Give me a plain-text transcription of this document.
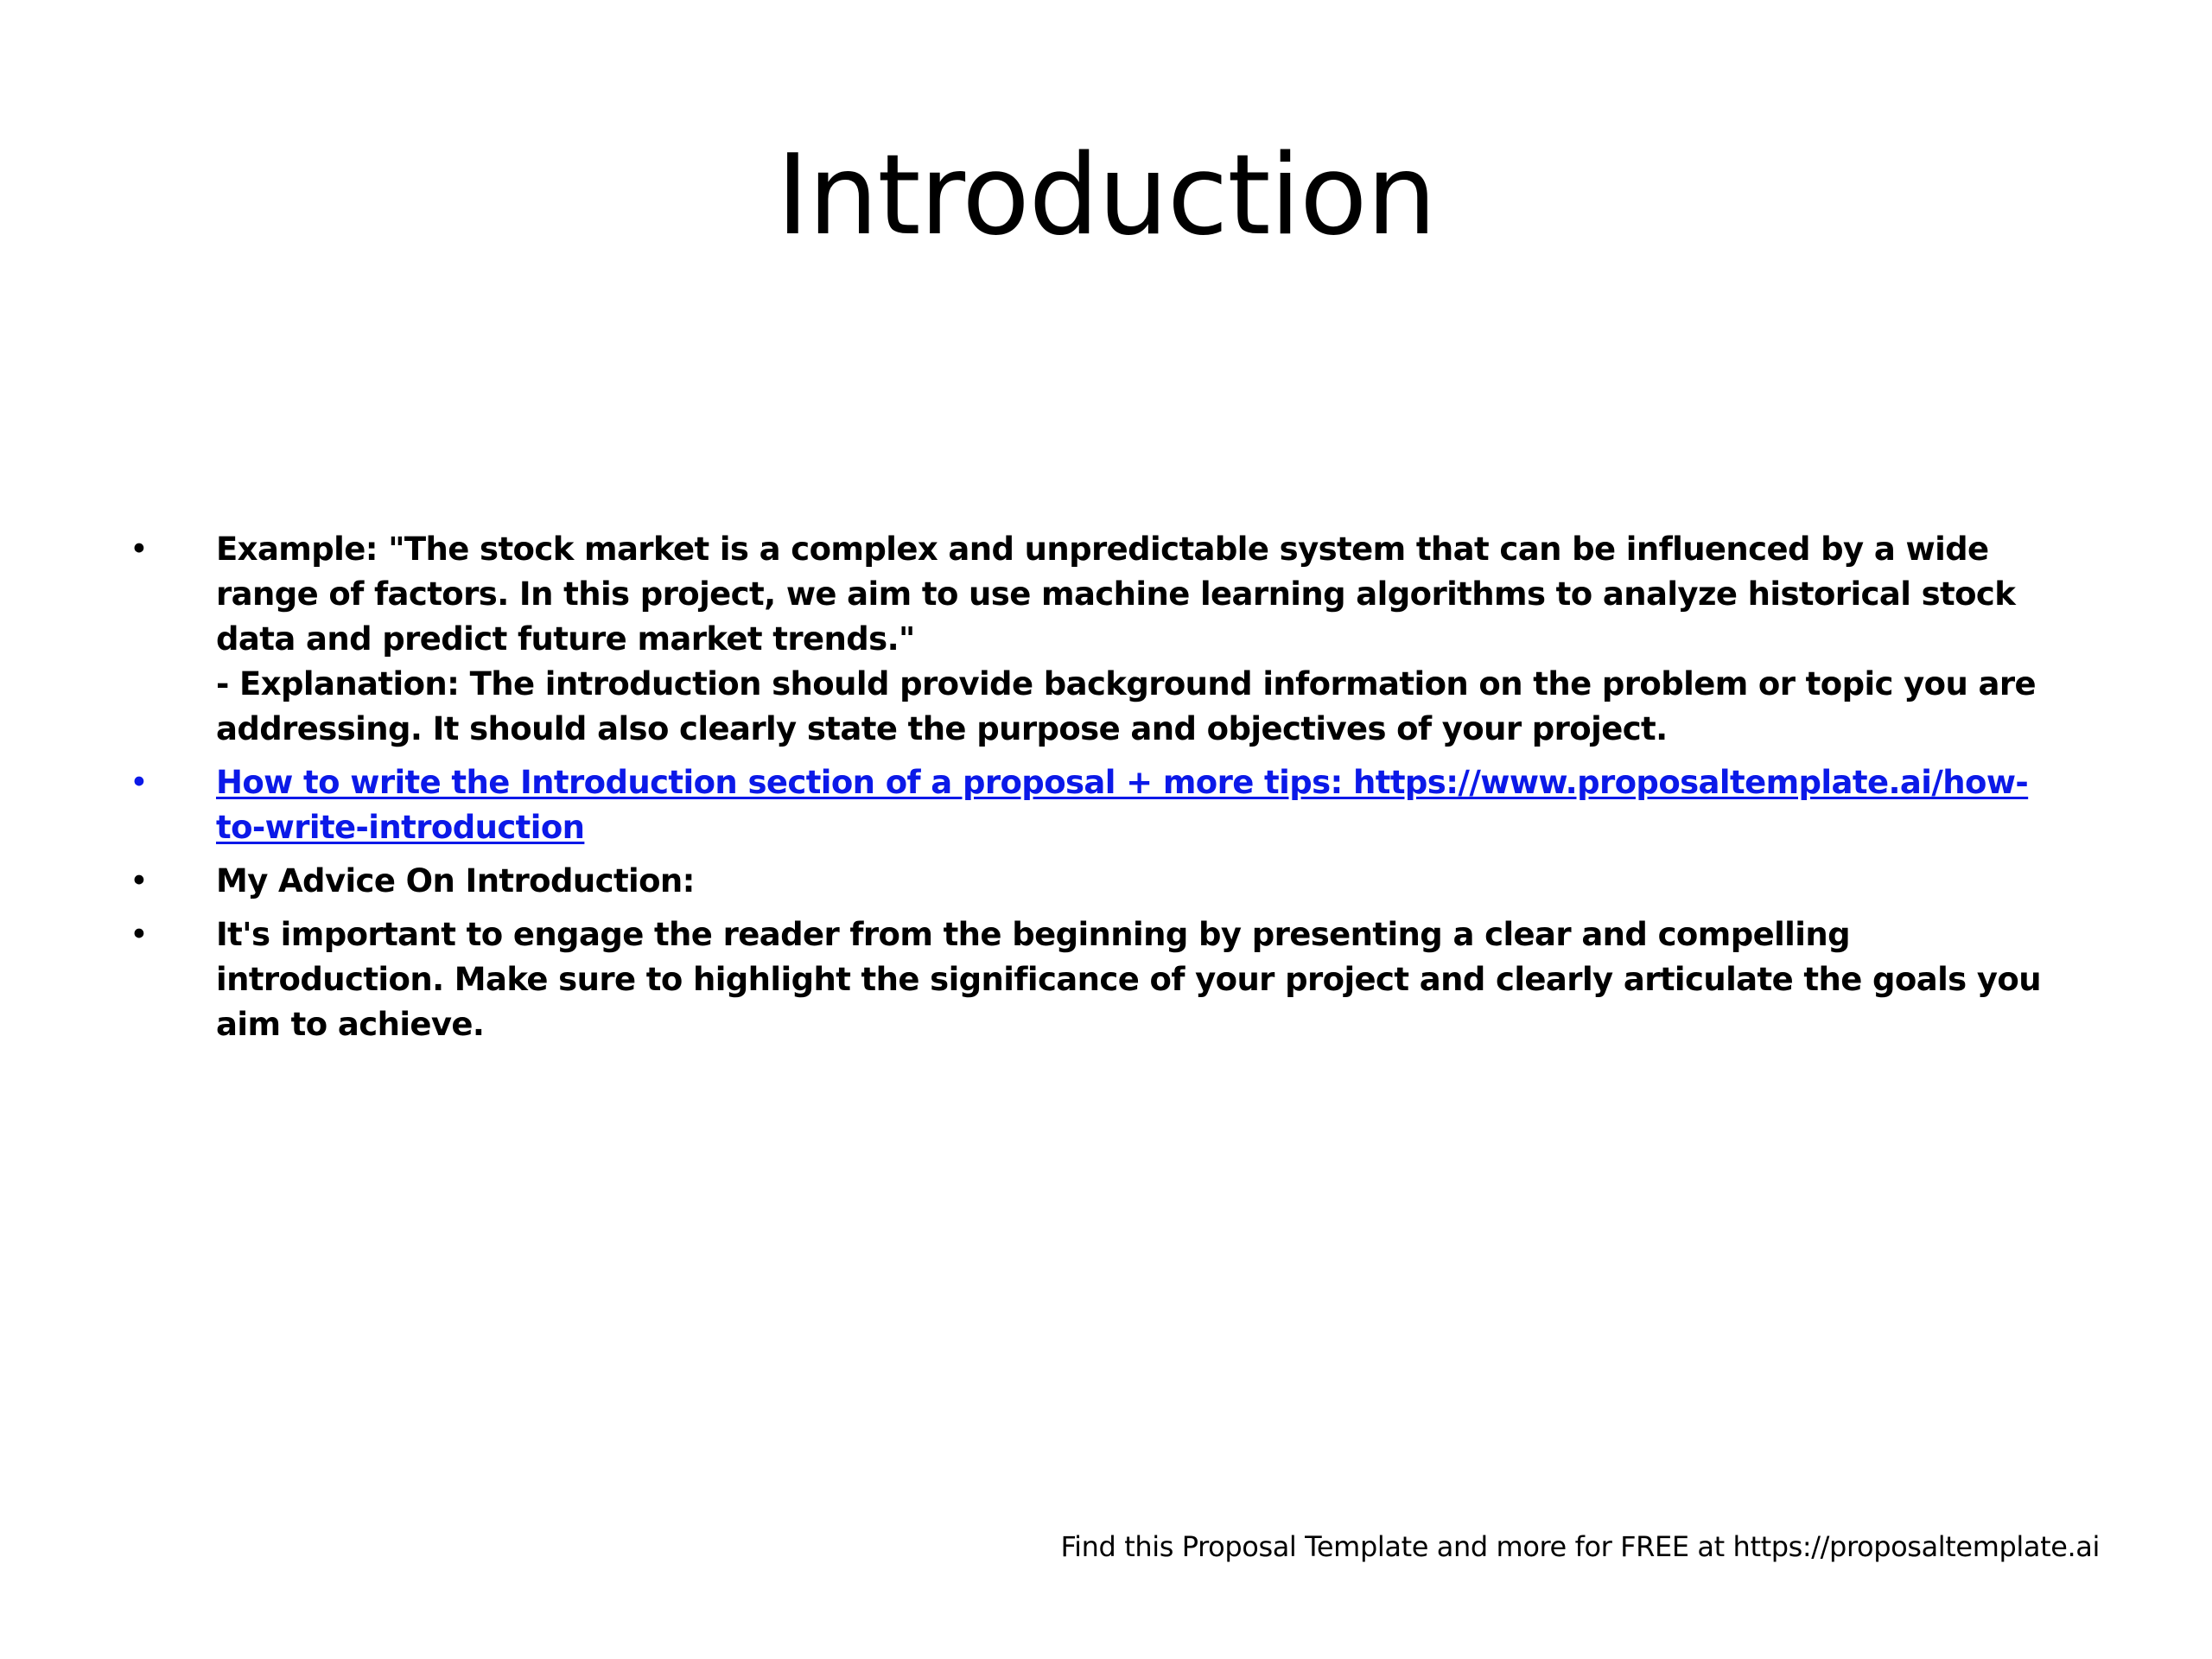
Introduction
• Example: "The stock market is a complex and unpredictable system that can be influenced by a wide range of factors. In this project, we aim to use machine learning algorithms to analyze historical stock data and predict future market trends."
- Explanation: The introduction should provide background information on the problem or topic you are addressing. It should also clearly state the purpose and objectives of your project.
• How to write the Introduction section of a proposal + more tips: https://www.proposaltemplate.ai/how-to-write-introduction
• My Advice On Introduction:
• It's important to engage the reader from the beginning by presenting a clear and compelling introduction. Make sure to highlight the significance of your project and clearly articulate the goals you aim to achieve.
Find this Proposal Template and more for FREE at https://proposaltemplate.ai
